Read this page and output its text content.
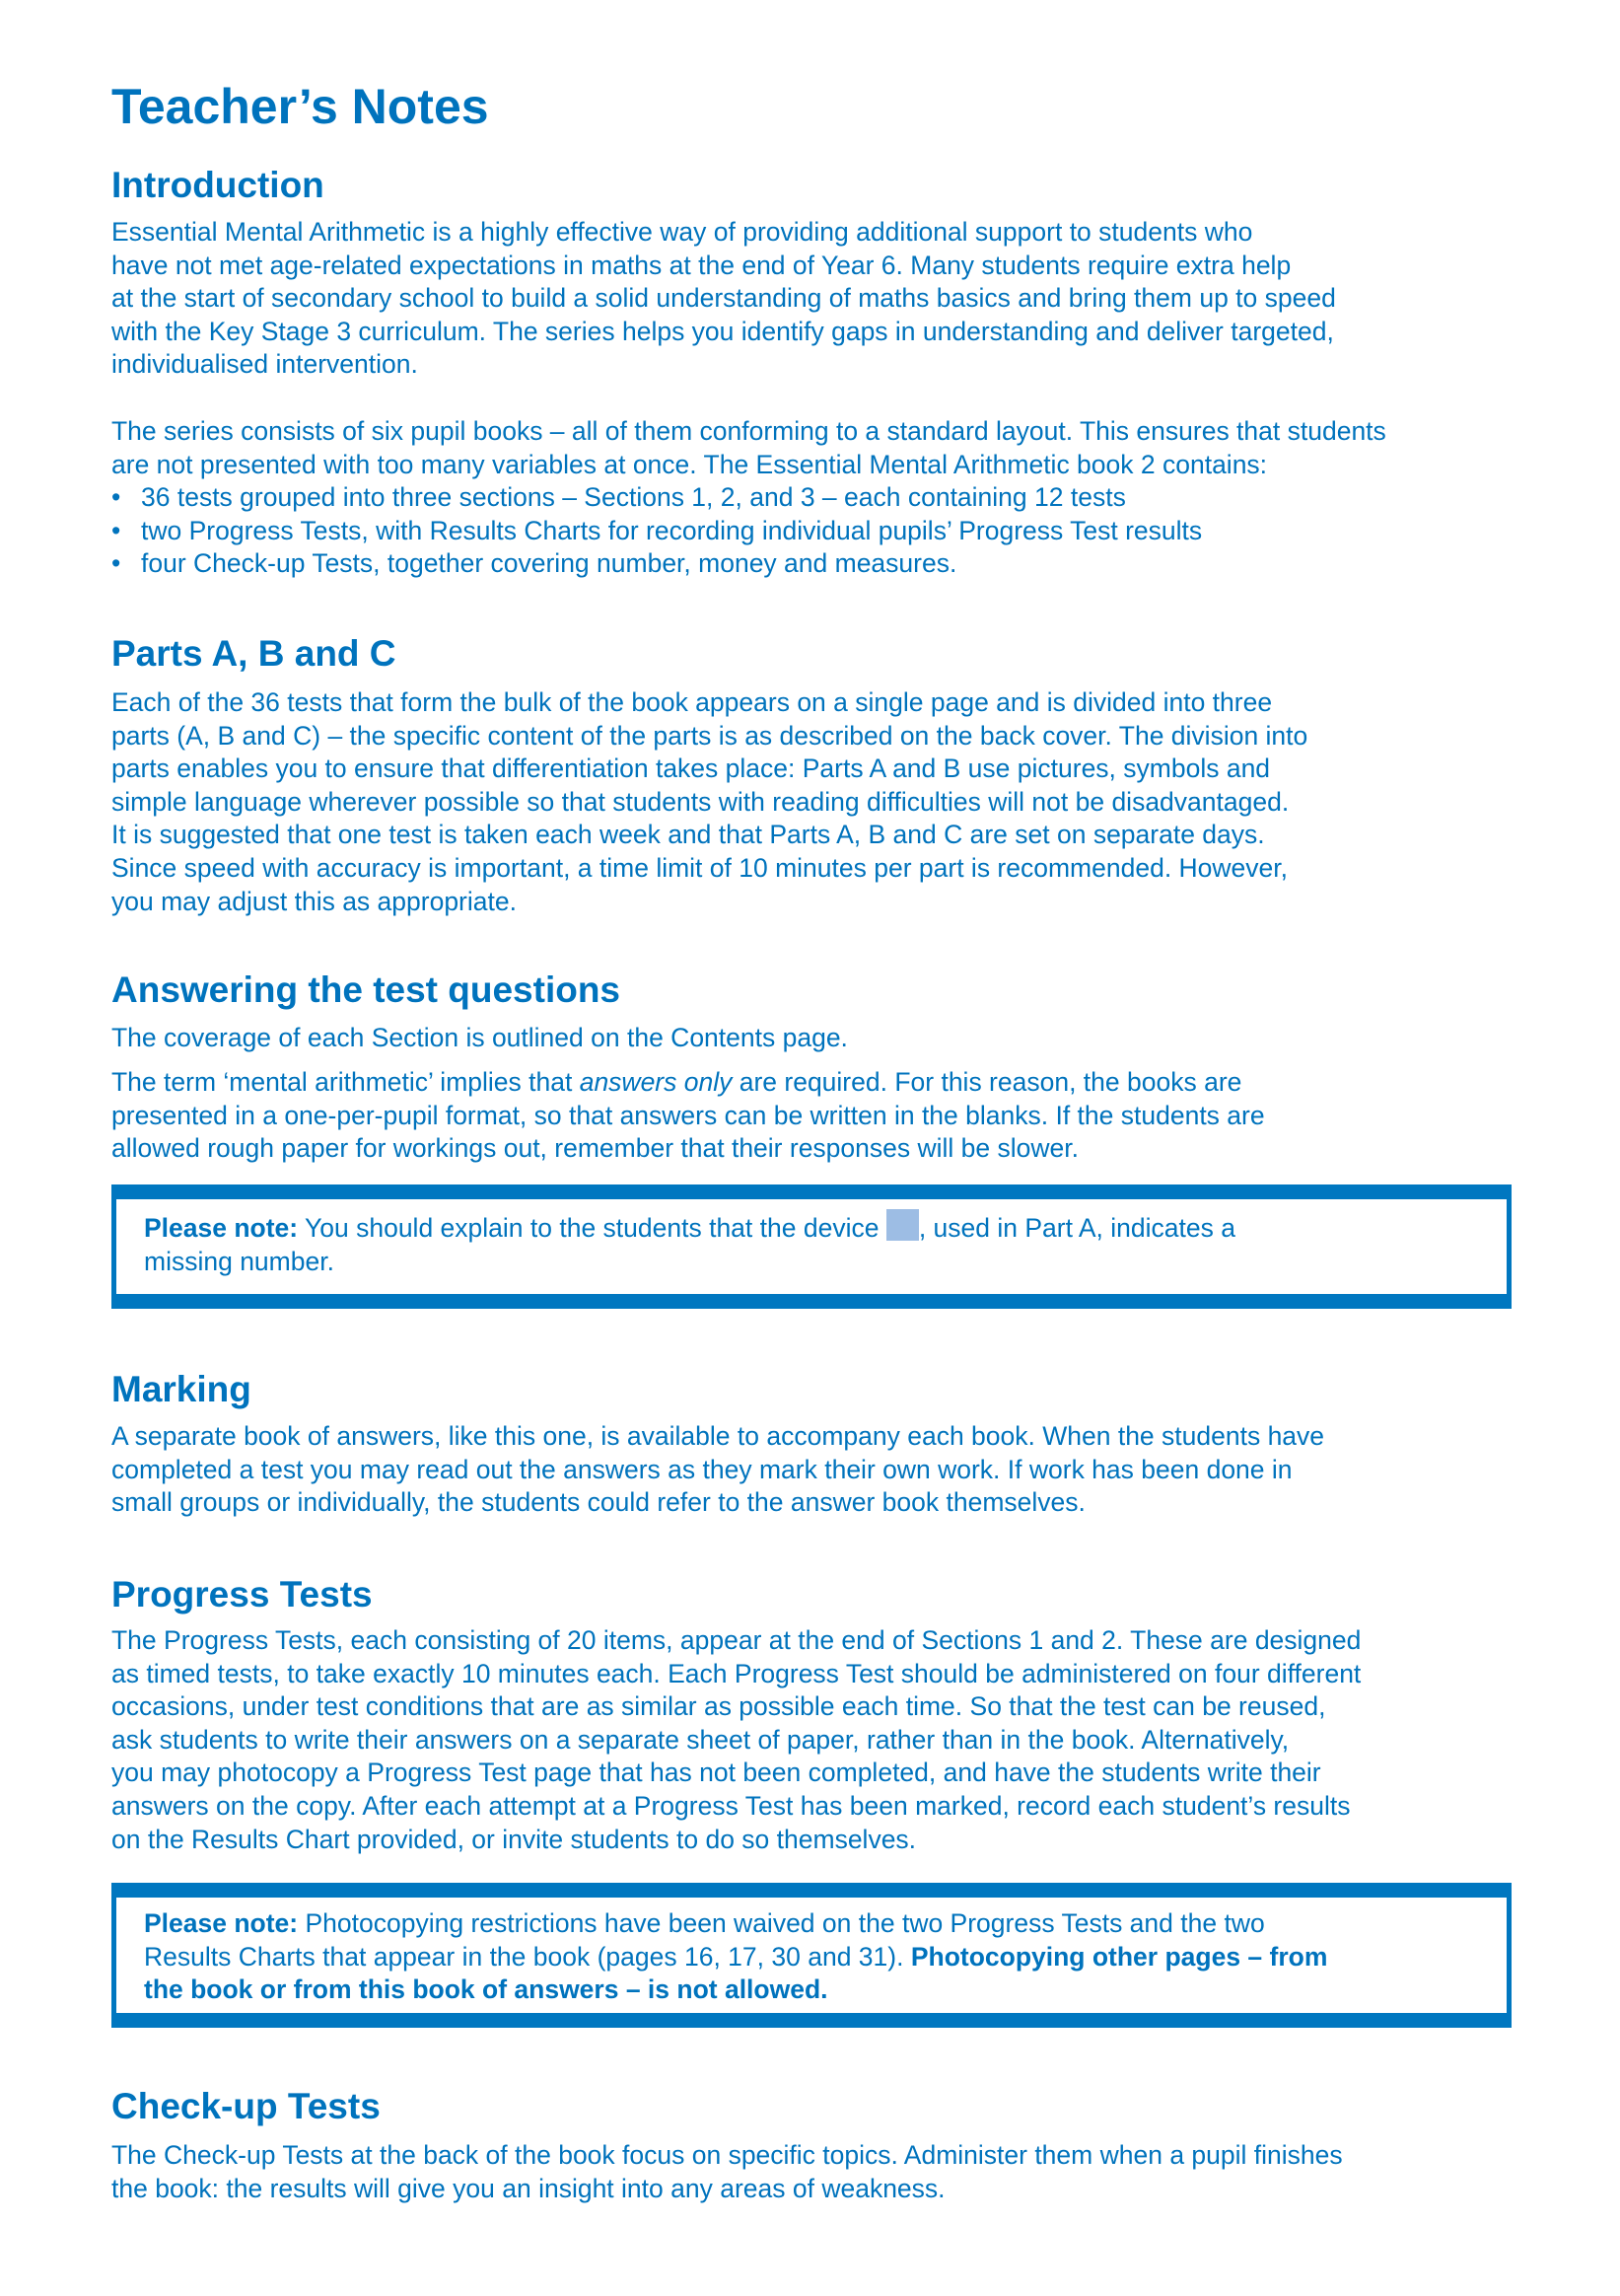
Teacher’s Notes
Introduction
Essential Mental Arithmetic is a highly effective way of providing additional support to students who
have not met age-related expectations in maths at the end of Year 6. Many students require extra help
at the start of secondary school to build a solid understanding of maths basics and bring them up to speed
with the Key Stage 3 curriculum. The series helps you identify gaps in understanding and deliver targeted,
individualised intervention.
The series consists of six pupil books – all of them conforming to a standard layout. This ensures that students
are not presented with too many variables at once. The Essential Mental Arithmetic book 2 contains:
• 36 tests grouped into three sections – Sections 1, 2, and 3 – each containing 12 tests
• two Progress Tests, with Results Charts for recording individual pupils’ Progress Test results
• four Check-up Tests, together covering number, money and measures.
Parts A, B and C
Each of the 36 tests that form the bulk of the book appears on a single page and is divided into three
parts (A, B and C) – the specific content of the parts is as described on the back cover. The division into
parts enables you to ensure that differentiation takes place: Parts A and B use pictures, symbols and
simple language wherever possible so that students with reading difficulties will not be disadvantaged.
It is suggested that one test is taken each week and that Parts A, B and C are set on separate days.
Since speed with accuracy is important, a time limit of 10 minutes per part is recommended. However,
you may adjust this as appropriate.
Answering the test questions
The coverage of each Section is outlined on the Contents page.
The term ‘mental arithmetic’ implies that answers only are required. For this reason, the books are
presented in a one-per-pupil format, so that answers can be written in the blanks. If the students are
allowed rough paper for workings out, remember that their responses will be slower.
Please note: You should explain to the students that the device , used in Part A, indicates a
missing number.
Marking
A separate book of answers, like this one, is available to accompany each book. When the students have
completed a test you may read out the answers as they mark their own work. If work has been done in
small groups or individually, the students could refer to the answer book themselves.
Progress Tests
The Progress Tests, each consisting of 20 items, appear at the end of Sections 1 and 2. These are designed
as timed tests, to take exactly 10 minutes each. Each Progress Test should be administered on four different
occasions, under test conditions that are as similar as possible each time. So that the test can be reused,
ask students to write their answers on a separate sheet of paper, rather than in the book. Alternatively,
you may photocopy a Progress Test page that has not been completed, and have the students write their
answers on the copy. After each attempt at a Progress Test has been marked, record each student’s results
on the Results Chart provided, or invite students to do so themselves.
Please note: Photocopying restrictions have been waived on the two Progress Tests and the two
Results Charts that appear in the book (pages 16, 17, 30 and 31). Photocopying other pages – from
the book or from this book of answers – is not allowed.
Check-up Tests
The Check-up Tests at the back of the book focus on specific topics. Administer them when a pupil finishes
the book: the results will give you an insight into any areas of weakness.
